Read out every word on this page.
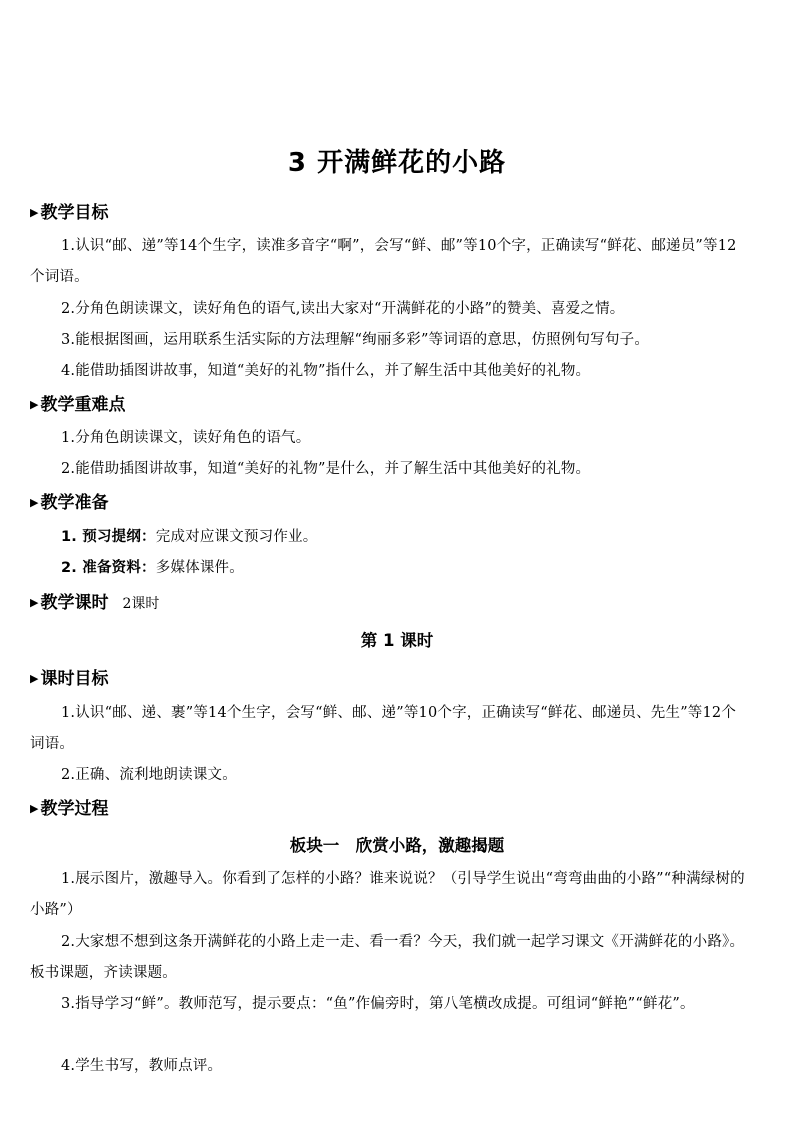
3 开满鲜花的小路
▶ 教学目标
1.认识“邮、递”等14个生字，读准多音字“啊”，会写“鲜、邮”等10个字，正确读写“鲜花、邮递员”等12个词语。
2.分角色朗读课文，读好角色的语气,读出大家对“开满鲜花的小路”的赞美、喜爱之情。
3.能根据图画，运用联系生活实际的方法理解“绚丽多彩”等词语的意思，仿照例句写句子。
4.能借助插图讲故事，知道“美好的礼物”指什么，并了解生活中其他美好的礼物。
▶ 教学重难点
1.分角色朗读课文，读好角色的语气。
2.能借助插图讲故事，知道“美好的礼物”是什么，并了解生活中其他美好的礼物。
▶ 教学准备
1. 预习提纲：完成对应课文预习作业。
2. 准备资料：多媒体课件。
▶ 教学课时 2课时
第 1 课时
▶ 课时目标
1.认识“邮、递、裹”等14个生字，会写“鲜、邮、递”等10个字，正确读写“鲜花、邮递员、先生”等12个词语。
2.正确、流利地朗读课文。
▶ 教学过程
板块一　欣赏小路，激趣揭题
1.展示图片，激趣导入。你看到了怎样的小路？谁来说说？（引导学生说出“弯弯曲曲的小路”“种满绿树的小路”）
2.大家想不想到这条开满鲜花的小路上走一走、看一看？今天，我们就一起学习课文《开满鲜花的小路》。板书课题，齐读课题。
3.指导学习“鲜”。教师范写，提示要点：“鱼”作偏旁时，第八笔横改成提。可组词“鲜艳”“鲜花”。
4.学生书写，教师点评。
